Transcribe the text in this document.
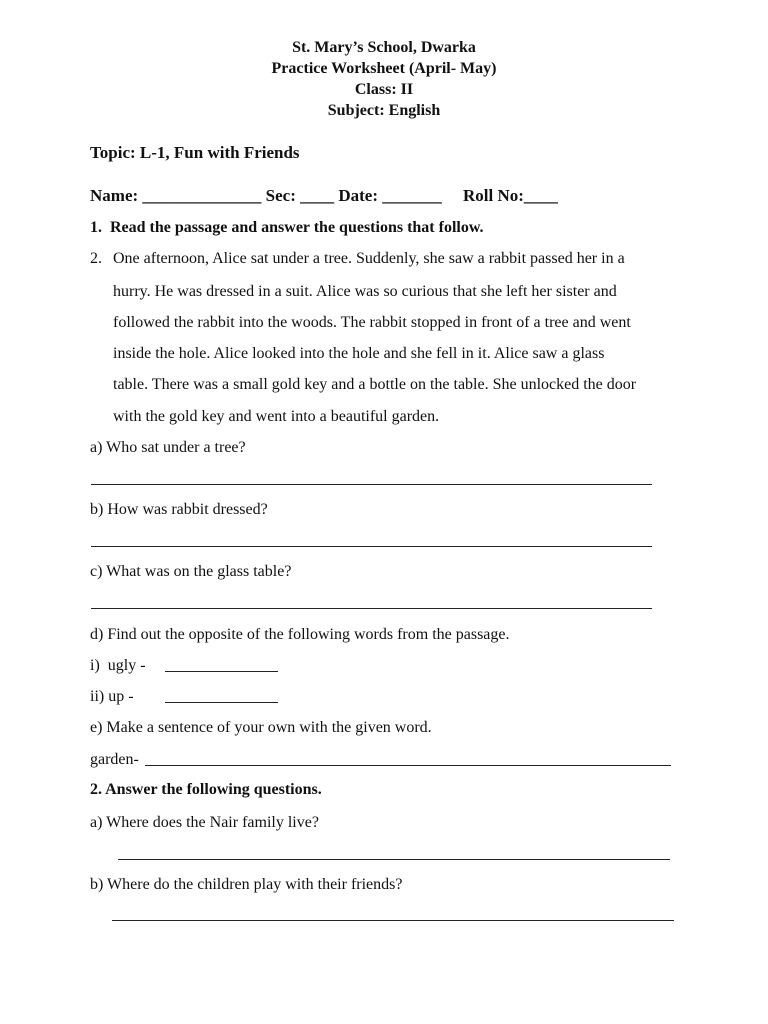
St. Mary’s School, Dwarka
Practice Worksheet (April- May)
Class: II
Subject: English
Topic: L-1, Fun with Friends
Name: ______________ Sec: ____ Date: _______     Roll No:____
1.  Read the passage and answer the questions that follow.
2. One afternoon, Alice sat under a tree. Suddenly, she saw a rabbit passed her in a
hurry. He was dressed in a suit. Alice was so curious that she left her sister and
followed the rabbit into the woods. The rabbit stopped in front of a tree and went
inside the hole. Alice looked into the hole and she fell in it. Alice saw a glass
table. There was a small gold key and a bottle on the table. She unlocked the door
with the gold key and went into a beautiful garden.
a) Who sat under a tree?
b) How was rabbit dressed?
c) What was on the glass table?
d) Find out the opposite of the following words from the passage.
i)  ugly -
ii) up -
e) Make a sentence of your own with the given word.
garden-
2. Answer the following questions.
a) Where does the Nair family live?
b) Where do the children play with their friends?
